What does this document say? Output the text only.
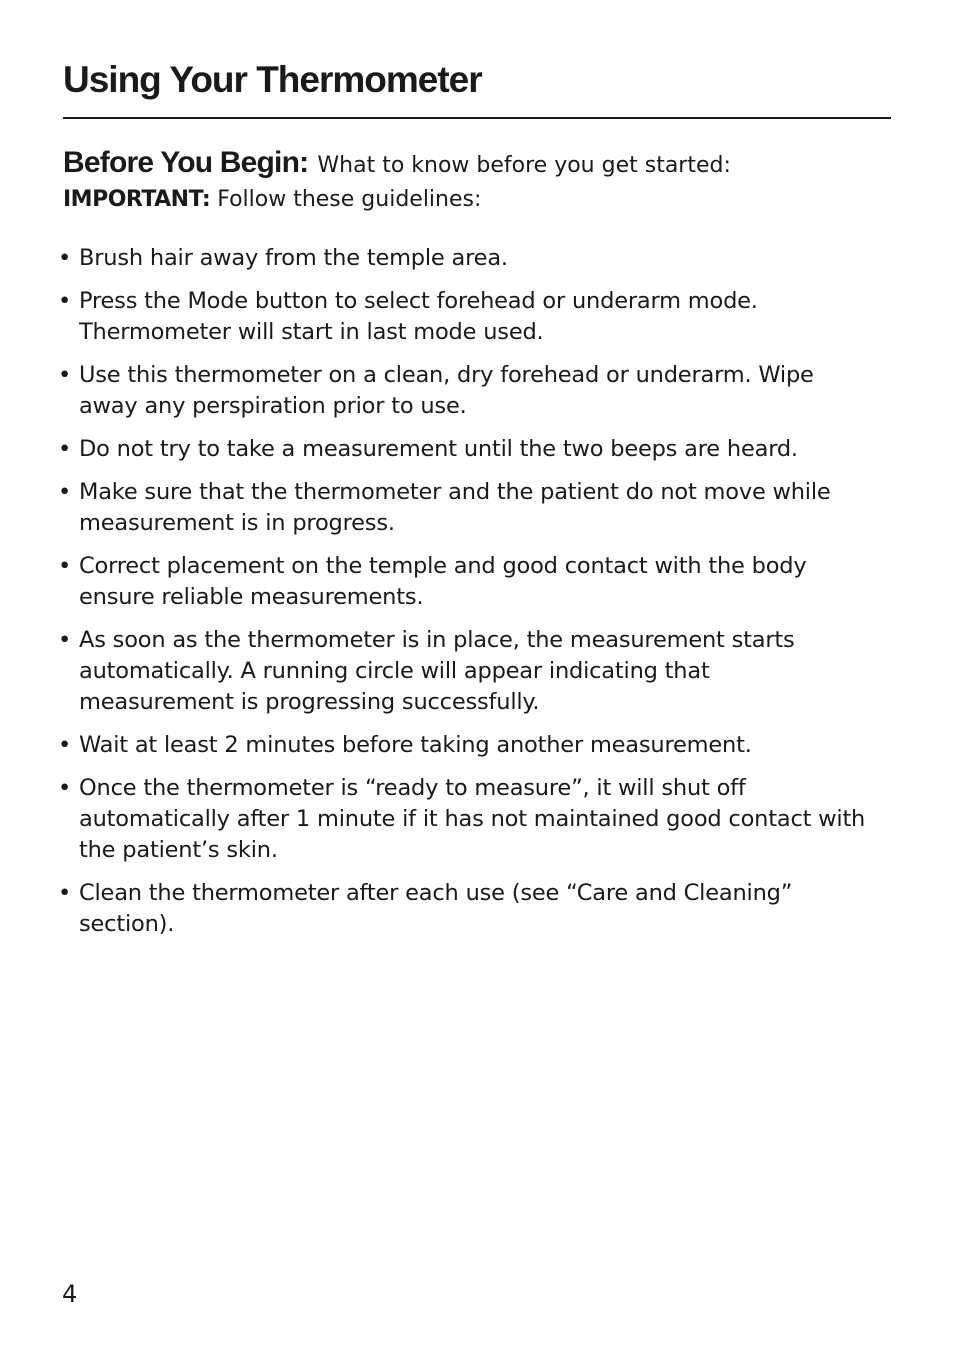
Using Your Thermometer
Before You Begin: What to know before you get started:
IMPORTANT: Follow these guidelines:
• Brush hair away from the temple area.
• Press the Mode button to select forehead or underarm mode. Thermometer will start in last mode used.
• Use this thermometer on a clean, dry forehead or underarm. Wipe away any perspiration prior to use.
• Do not try to take a measurement until the two beeps are heard.
• Make sure that the thermometer and the patient do not move while measurement is in progress.
• Correct placement on the temple and good contact with the body ensure reliable measurements.
• As soon as the thermometer is in place, the measurement starts automatically. A running circle will appear indicating that measurement is progressing successfully.
• Wait at least 2 minutes before taking another measurement.
• Once the thermometer is “ready to measure”, it will shut off automatically after 1 minute if it has not maintained good contact with the patient’s skin.
• Clean the thermometer after each use (see “Care and Cleaning” section).
4
